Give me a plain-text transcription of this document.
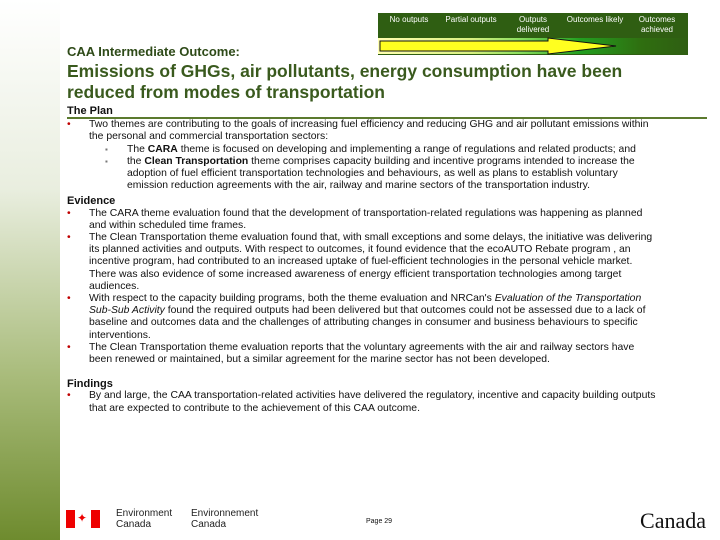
No outputs	Partial outputs	Outputs delivered
Outcomes likely	Outcomes achieved
CAA Intermediate Outcome:
Emissions of GHGs, air pollutants, energy consumption have been reduced from modes of transportation
The Plan
• Two themes are contributing to the goals of increasing fuel efficiency and reducing GHG and air pollutant emissions within the personal and commercial transportation sectors:
▪ The CARA theme is focused on developing and implementing a range of regulations and related products; and
▪ the Clean Transportation theme comprises capacity building and incentive programs intended to increase the adoption of fuel efficient transportation technologies and behaviours, as well as plans to establish voluntary emission reduction agreements with the air, railway and marine sectors of the transportation industry.
Evidence
• The CARA theme evaluation found that the development of transportation-related regulations was happening as planned and within scheduled time frames.
• The Clean Transportation theme evaluation found that, with small exceptions and some delays, the initiative was delivering its planned activities and outputs. With respect to outcomes, it found evidence that the ecoAUTO Rebate program , an incentive program, had contributed to an increased uptake of fuel-efficient technologies in the personal vehicle market. There was also evidence of some increased awareness of energy efficient transportation technologies among target audiences.
• With respect to the capacity building programs, both the theme evaluation and NRCan's Evaluation of the Transportation Sub-Sub Activity found the required outputs had been delivered but that outcomes could not be assessed due to a lack of baseline and outcomes data and the challenges of attributing changes in consumer and business behaviours to specific interventions.
• The Clean Transportation theme evaluation reports that the voluntary agreements with the air and railway sectors have been renewed or maintained, but a similar agreement for the marine sector has not been developed.
Findings
• By and large, the CAA transportation-related activities have delivered the regulatory, incentive and capacity building outputs that are expected to contribute to the achievement of this CAA outcome.
✦	Environment
Canada
Environnement
Canada	Page 29	Canada
